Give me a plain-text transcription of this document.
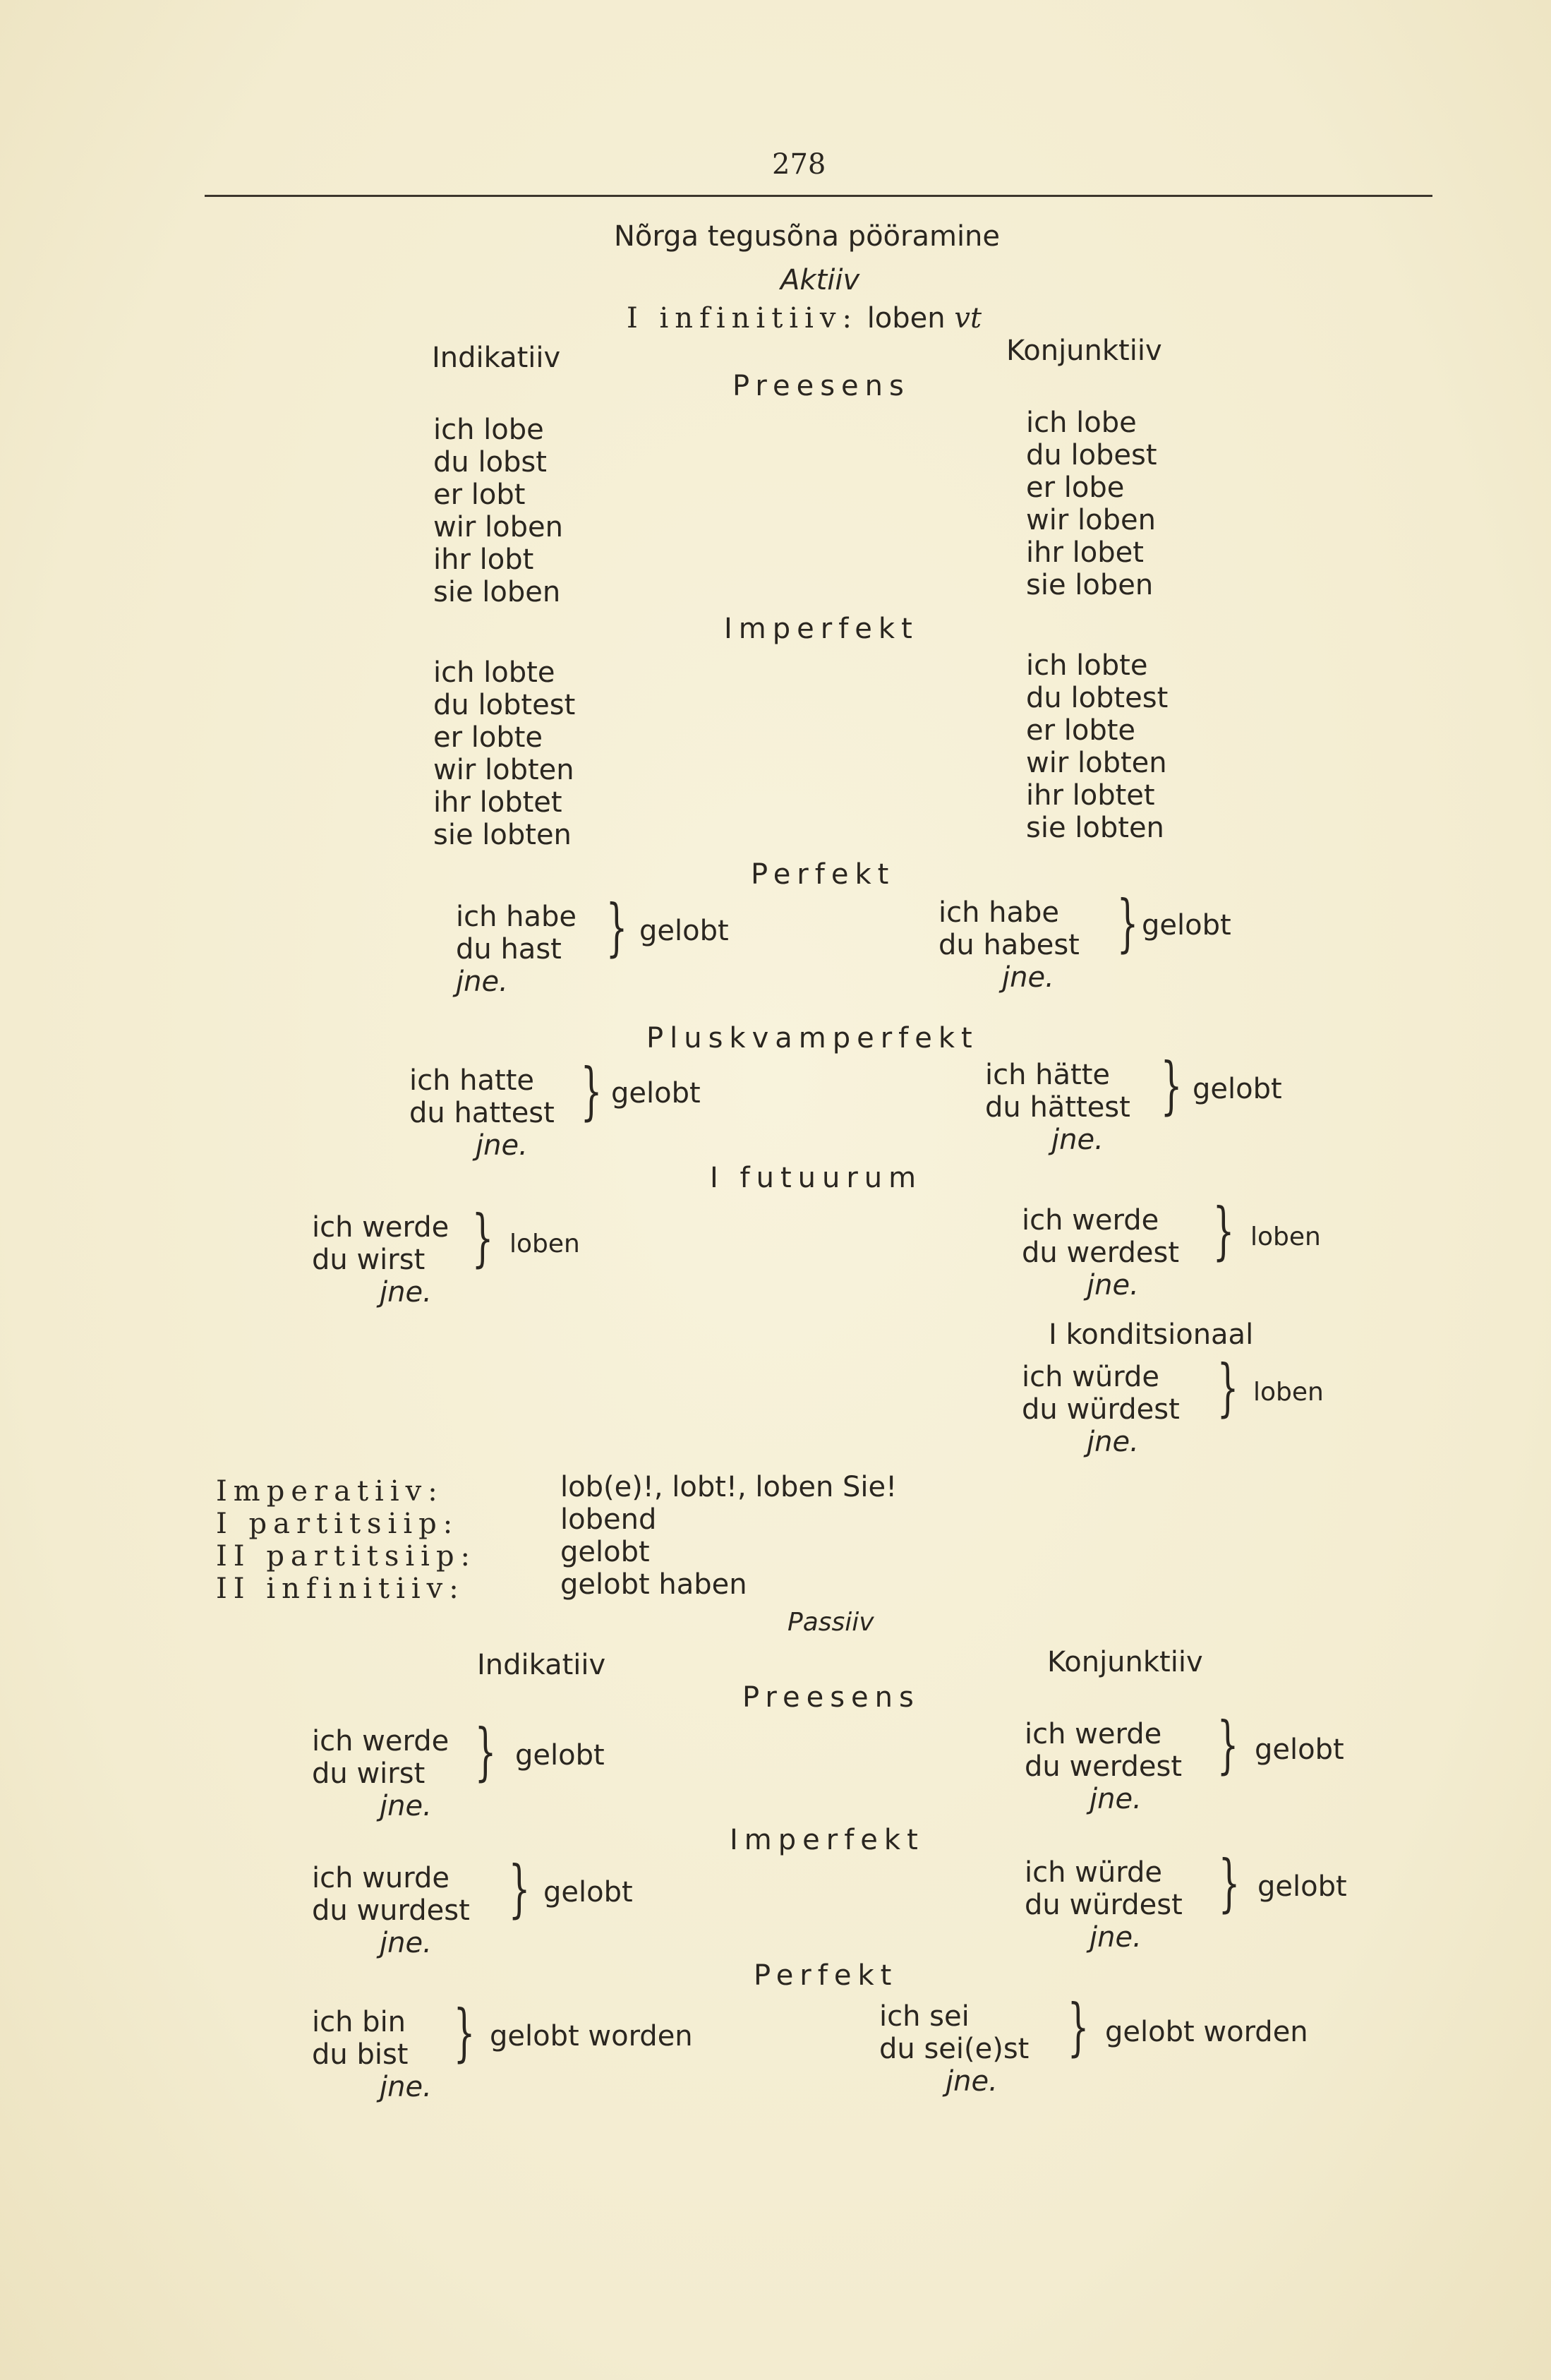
278
Nõrga tegusõna pööramine
Aktiiv
I infinitiiv: loben vt
Indikatiiv	Konjunktiiv
Preesens
ich lobe
du lobst
er lobt
wir loben
ihr lobt
sie loben
ich lobe
du lobest
er lobe
wir loben
ihr lobet
sie loben
Imperfekt
ich lobte
du lobtest
er lobte
wir lobten
ihr lobtet
sie lobten
ich lobte
du lobtest
er lobte
wir lobten
ihr lobtet
sie lobten
Perfekt
ich habe
du hast
jne.
} gelobt
ich habe
du habest
jne.
} gelobt
Pluskvamperfekt
ich hatte
du hattest
jne.
} gelobt
ich hätte
du hättest
jne.
} gelobt
I futuurum
ich werde
du wirst
jne.
} loben
ich werde
du werdest
jne.
} loben
I konditsionaal
ich würde
du würdest
jne.
} loben
Imperatiiv:
I partitsiip:
II partitsiip:
II infinitiiv:
lob(e)!, lobt!, loben Sie!
lobend
gelobt
gelobt haben
Passiiv
Indikatiiv	Konjunktiiv
Preesens
ich werde
du wirst
jne.
} gelobt
ich werde
du werdest
jne.
} gelobt
Imperfekt
ich wurde
du wurdest
jne.
} gelobt
ich würde
du würdest
jne.
} gelobt
Perfekt
ich bin
du bist
jne.
} gelobt worden
ich sei
du sei(e)st
jne.
} gelobt worden
